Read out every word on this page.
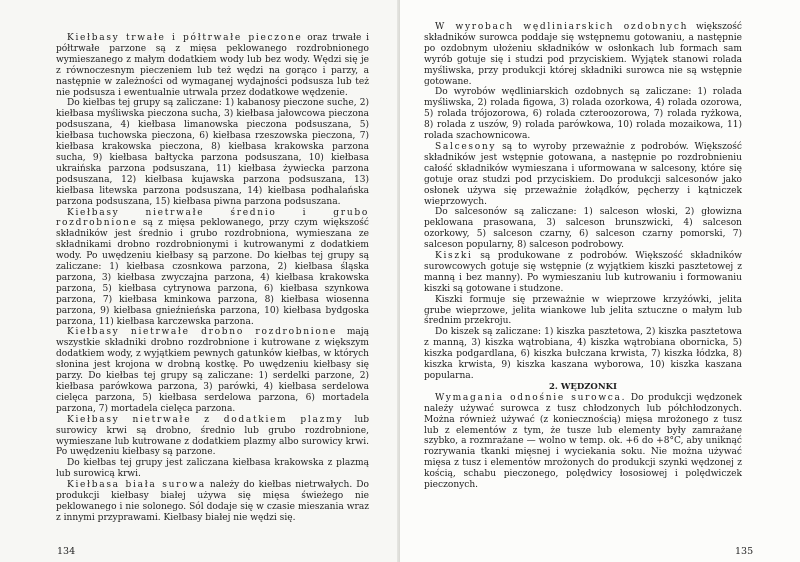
Kiełbasy trwałe i półtrwałe pieczone oraz trwałe i półtrwałe parzone są z mięsa peklowanego rozdrobnionego wymieszanego z małym dodatkiem wody lub bez wody. Wędzi się je z równoczesnym pieczeniem lub też wędzi na gorąco i parzy, a następnie w zależności od wymaganej wydajności podsusza lub też nie podsusza i ewentualnie utrwala przez dodatkowe wędzenie.

Do kiełbas tej grupy są zaliczane: 1) kabanosy pieczone suche, 2) kiełbasa myśliwska pieczona sucha, 3) kiełbasa jałowcowa pieczona podsuszana, 4) kiełbasa limanowska pieczona podsuszana, 5) kiełbasa tuchowska pieczona, 6) kiełbasa rzeszowska pieczona, 7) kiełbasa krakowska pieczona, 8) kiełbasa krakowska parzona sucha, 9) kiełbasa bałtycka parzona podsuszana, 10) kiełbasa ukraińska parzona podsuszana, 11) kiełbasa żywiecka parzona podsuszana, 12) kiełbasa kujawska parzona podsuszana, 13) kiełbasa litewska parzona podsuszana, 14) kiełbasa podhalańska parzona podsuszana, 15) kiełbasa piwna parzona podsuszana.

Kiełbasy nietrwałe średnio i grubo rozdrobnione są z mięsa peklowanego, przy czym większość składników jest średnio i grubo rozdrobniona, wymieszana ze składnikami drobno rozdrobnionymi i kutrowanymi z dodatkiem wody. Po uwędzeniu kiełbasy są parzone. Do kiełbas tej grupy są zaliczane: 1) kiełbasa czosnkowa parzona, 2) kiełbasa śląska parzona, 3) kiełbasa zwyczajna parzona, 4) kiełbasa krakowska parzona, 5) kiełbasa cytrynowa parzona, 6) kiełbasa szynkowa parzona, 7) kiełbasa kminkowa parzona, 8) kiełbasa wiosenna parzona, 9) kiełbasa gnieźnieńska parzona, 10) kiełbasa bydgoska parzona, 11) kiełbasa karczewska parzona.

Kiełbasy nietrwałe drobno rozdrobnione mają wszystkie składniki drobno rozdrobnione i kutrowane z większym dodatkiem wody, z wyjątkiem pewnych gatunków kiełbas, w których słonina jest krojona w drobną kostkę. Po uwędzeniu kiełbasy się parzy. Do kiełbas tej grupy są zaliczane: 1) serdelki parzone, 2) kiełbasa parówkowa parzona, 3) parówki, 4) kiełbasa serdelowa cielęca parzona, 5) kiełbasa serdelowa parzona, 6) mortadela parzona, 7) mortadela cielęca parzona.

Kiełbasy nietrwałe z dodatkiem plazmy lub surowicy krwi są drobno, średnio lub grubo rozdrobnione, wymieszane lub kutrowane z dodatkiem plazmy albo surowicy krwi. Po uwędzeniu kiełbasy są parzone.

Do kiełbas tej grupy jest zaliczana kiełbasa krakowska z plazmą lub surowicą krwi.

Kiełbasa biała surowa należy do kiełbas nietrwałych. Do produkcji kiełbasy białej używa się mięsa świeżego nie peklowanego i nie solonego. Sól dodaje się w czasie mieszania wraz z innymi przyprawami. Kiełbasy białej nie wędzi się.

134

W wyrobach wędliniarskich ozdobnych większość składników surowca poddaje się wstępnemu gotowaniu, a następnie po ozdobnym ułożeniu składników w osłonkach lub formach sam wyrób gotuje się i studzi pod przyciskiem. Wyjątek stanowi rolada myśliwska, przy produkcji której składniki surowca nie są wstępnie gotowane.

Do wyrobów wędliniarskich ozdobnych są zaliczane: 1) rolada myśliwska, 2) rolada figowa, 3) rolada ozorkowa, 4) rolada ozorowa, 5) rolada trójozorowa, 6) rolada czteroozorowa, 7) rolada ryżkowa, 8) rolada z uszów, 9) rolada parówkowa, 10) rolada mozaikowa, 11) rolada szachownicowa.

Salcesony są to wyroby przeważnie z podrobów. Większość składników jest wstępnie gotowana, a następnie po rozdrobnieniu całość składników wymieszana i uformowana w salcesony, które się gotuje oraz studzi pod przyciskiem. Do produkcji salcesonów jako osłonek używa się przeważnie żołądków, pęcherzy i kątniczek wieprzowych.

Do salcesonów są zaliczane: 1) salceson włoski, 2) głowizna peklowana prasowana, 3) salceson brunszwicki, 4) salceson ozorkowy, 5) salceson czarny, 6) salceson czarny pomorski, 7) salceson popularny, 8) salceson podrobowy.

Kiszki są produkowane z podrobów. Większość składników surowcowych gotuje się wstępnie (z wyjątkiem kiszki pasztetowej z manną i bez manny). Po wymieszaniu lub kutrowaniu i formowaniu kiszki są gotowane i studzone.

Kiszki formuje się przeważnie w wieprzowe krzyżówki, jelita grube wieprzowe, jelita wiankowe lub jelita sztuczne o małym lub średnim przekroju.

Do kiszek są zaliczane: 1) kiszka pasztetowa, 2) kiszka pasztetowa z manną, 3) kiszka wątrobiana, 4) kiszka wątrobiana obornicka, 5) kiszka podgardlana, 6) kiszka bułczana krwista, 7) kiszka łódzka, 8) kiszka krwista, 9) kiszka kaszana wyborowa, 10) kiszka kaszana popularna.

2. WĘDZONKI

Wymagania odnośnie surowca. Do produkcji wędzonek należy używać surowca z tusz chłodzonych lub półchłodzonych. Można również używać (z koniecznością) mięsa mrożonego z tusz lub z elementów z tym, że tusze lub elementy były zamrażane szybko, a rozmrażane — wolno w temp. ok. +6 do +8°C, aby uniknąć rozrywania tkanki mięsnej i wyciekania soku. Nie można używać mięsa z tusz i elementów mrożonych do produkcji szynki wędzonej z kością, schabu pieczonego, polędwicy łososiowej i polędwiczek pieczonych.

135
